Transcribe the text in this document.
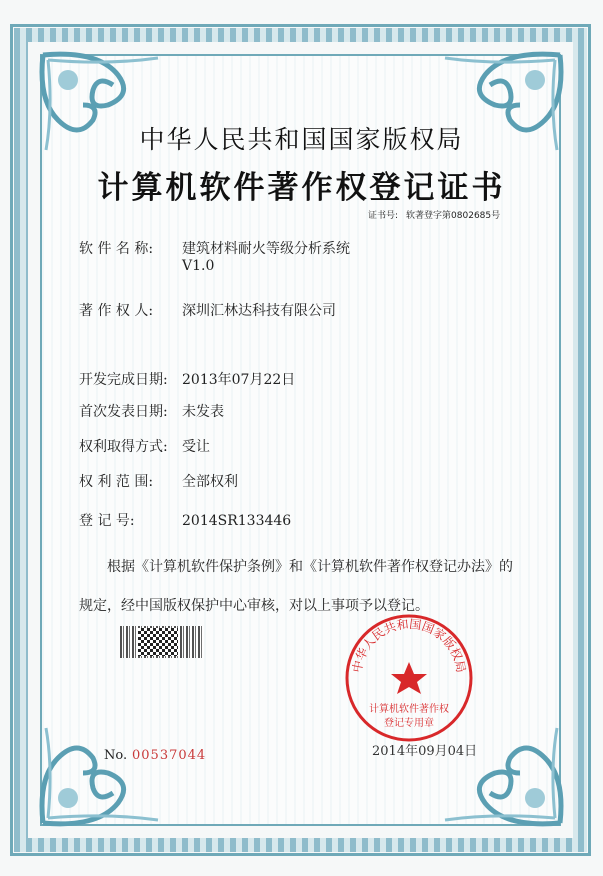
中华人民共和国国家版权局
计算机软件著作权登记证书
证书号: 软著登字第0802685号
软 件 名 称: 建筑材料耐火等级分析系统
V1.0
著 作 权 人: 深圳汇林达科技有限公司
开发完成日期: 2013年07月22日
首次发表日期: 未发表
权利取得方式: 受让
权 利 范 围: 全部权利
登 记 号:	2014SR133446
根据《计算机软件保护条例》和《计算机软件著作权登记办法》的
规定，经中国版权保护中心审核，对以上事项予以登记。
中华人民共和国国家版权局
计算机软件著作权
登记专用章
No. 00537044	2014年09月04日
